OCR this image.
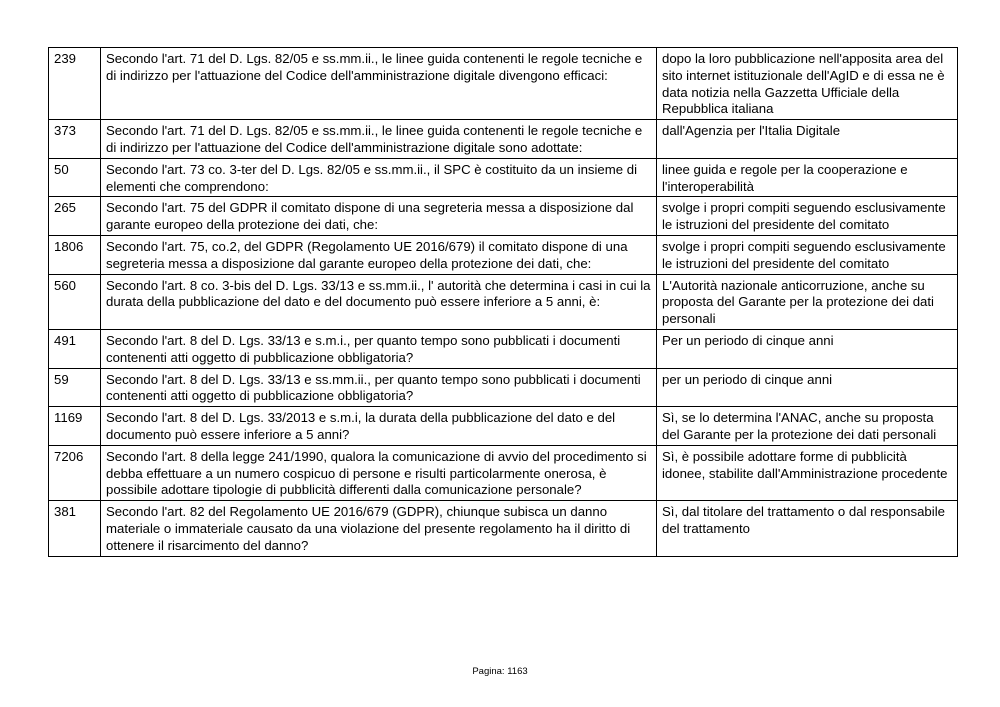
239	Secondo l'art. 71 del D. Lgs. 82/05 e ss.mm.ii., le linee guida contenenti le regole tecniche e di indirizzo per l'attuazione del Codice dell'amministrazione digitale divengono efficaci:	dopo la loro pubblicazione nell'apposita area del sito internet istituzionale dell'AgID e di essa ne è data notizia nella Gazzetta Ufficiale della Repubblica italiana
373	Secondo l'art. 71 del D. Lgs. 82/05 e ss.mm.ii., le linee guida contenenti le regole tecniche e di indirizzo per l'attuazione del Codice dell'amministrazione digitale sono adottate:	dall'Agenzia per l'Italia Digitale
50	Secondo l'art. 73 co. 3-ter del D. Lgs. 82/05 e ss.mm.ii., il SPC è costituito da un insieme di elementi che comprendono:	linee guida e regole per la cooperazione e l'interoperabilità
265	Secondo l'art. 75 del GDPR il comitato dispone di una segreteria messa a disposizione dal garante europeo della protezione dei dati, che:	svolge i propri compiti seguendo esclusivamente le istruzioni del presidente del comitato
1806	Secondo l'art. 75, co.2, del GDPR (Regolamento UE 2016/679) il comitato dispone di una segreteria messa a disposizione dal garante europeo della protezione dei dati, che:	svolge i propri compiti seguendo esclusivamente le istruzioni del presidente del comitato
560	Secondo l'art. 8 co. 3-bis del D. Lgs. 33/13 e ss.mm.ii., l' autorità che determina i casi in cui la durata della pubblicazione del dato e del documento può essere inferiore a 5 anni, è:	L'Autorità nazionale anticorruzione, anche su proposta del Garante per la protezione dei dati personali
491	Secondo l'art. 8 del D. Lgs. 33/13 e s.m.i., per quanto tempo sono pubblicati i documenti contenenti atti oggetto di pubblicazione obbligatoria?	Per un periodo di cinque anni
59	Secondo l'art. 8 del D. Lgs. 33/13 e ss.mm.ii., per quanto tempo sono pubblicati i documenti contenenti atti oggetto di pubblicazione obbligatoria?	per un periodo di cinque anni
1169	Secondo l'art. 8 del D. Lgs. 33/2013 e s.m.i, la durata della pubblicazione del dato e del documento può essere inferiore a 5 anni?	Sì, se lo determina l'ANAC, anche su proposta del Garante per la protezione dei dati personali
7206	Secondo l'art. 8 della legge 241/1990, qualora la comunicazione di avvio del procedimento si debba effettuare a un numero cospicuo di persone e risulti particolarmente onerosa, è possibile adottare tipologie di pubblicità differenti dalla comunicazione personale?	Sì, è possibile adottare forme di pubblicità idonee, stabilite dall'Amministrazione procedente
381	Secondo l'art. 82 del Regolamento UE 2016/679 (GDPR), chiunque subisca un danno materiale o immateriale causato da una violazione del presente regolamento ha il diritto di ottenere il risarcimento del danno?	Sì, dal titolare del trattamento o dal responsabile del trattamento
Pagina: 1163
